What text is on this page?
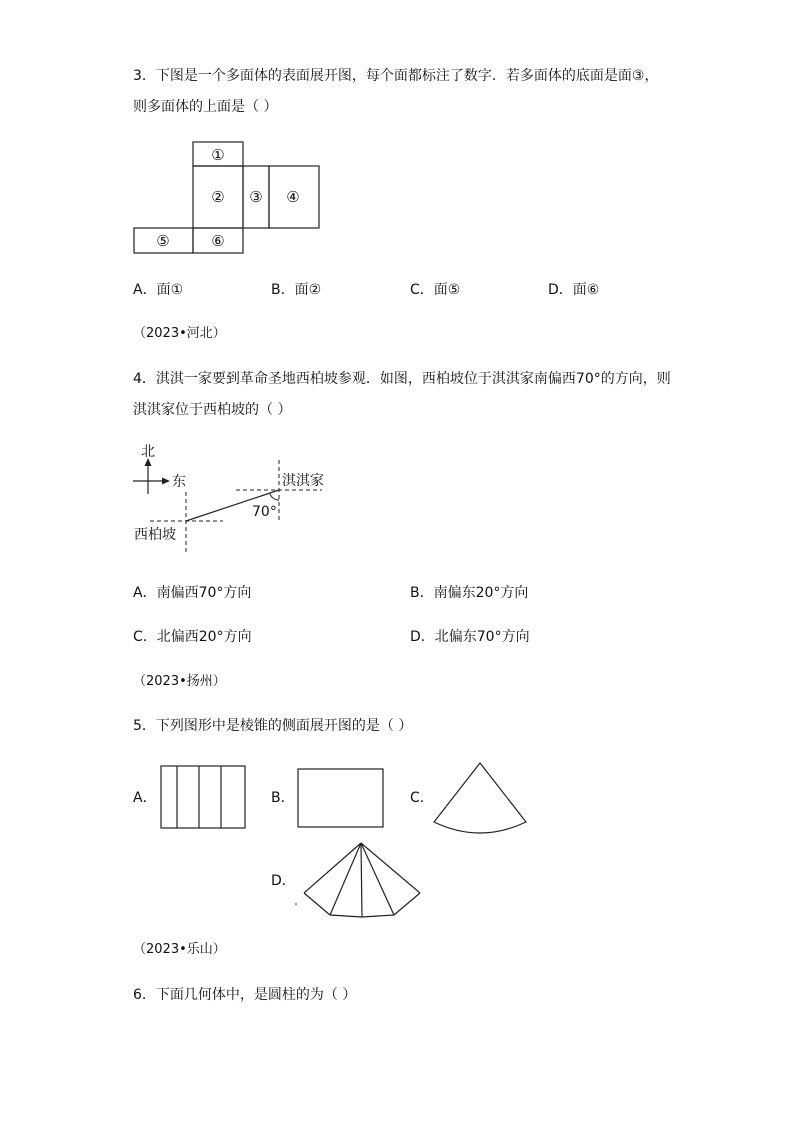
3．下图是一个多面体的表面展开图，每个面都标注了数字．若多面体的底面是面③，
则多面体的上面是（ ）
①
② ③ ④
⑤	⑥
A．面①	B．面②	C．面⑤	D．面⑥
（2023•河北）
4．淇淇一家要到革命圣地西柏坡参观．如图，西柏坡位于淇淇家南偏西70°的方向，则
淇淇家位于西柏坡的（ ）
北
东	淇淇家
70°
西柏坡
A．南偏西70°方向	B．南偏东20°方向
C．北偏西20°方向	D．北偏东70°方向
（2023•扬州）
5．下列图形中是棱锥的侧面展开图的是（ ）
A．	B．	C．
D．
（2023•乐山）
6．下面几何体中，是圆柱的为（ ）
